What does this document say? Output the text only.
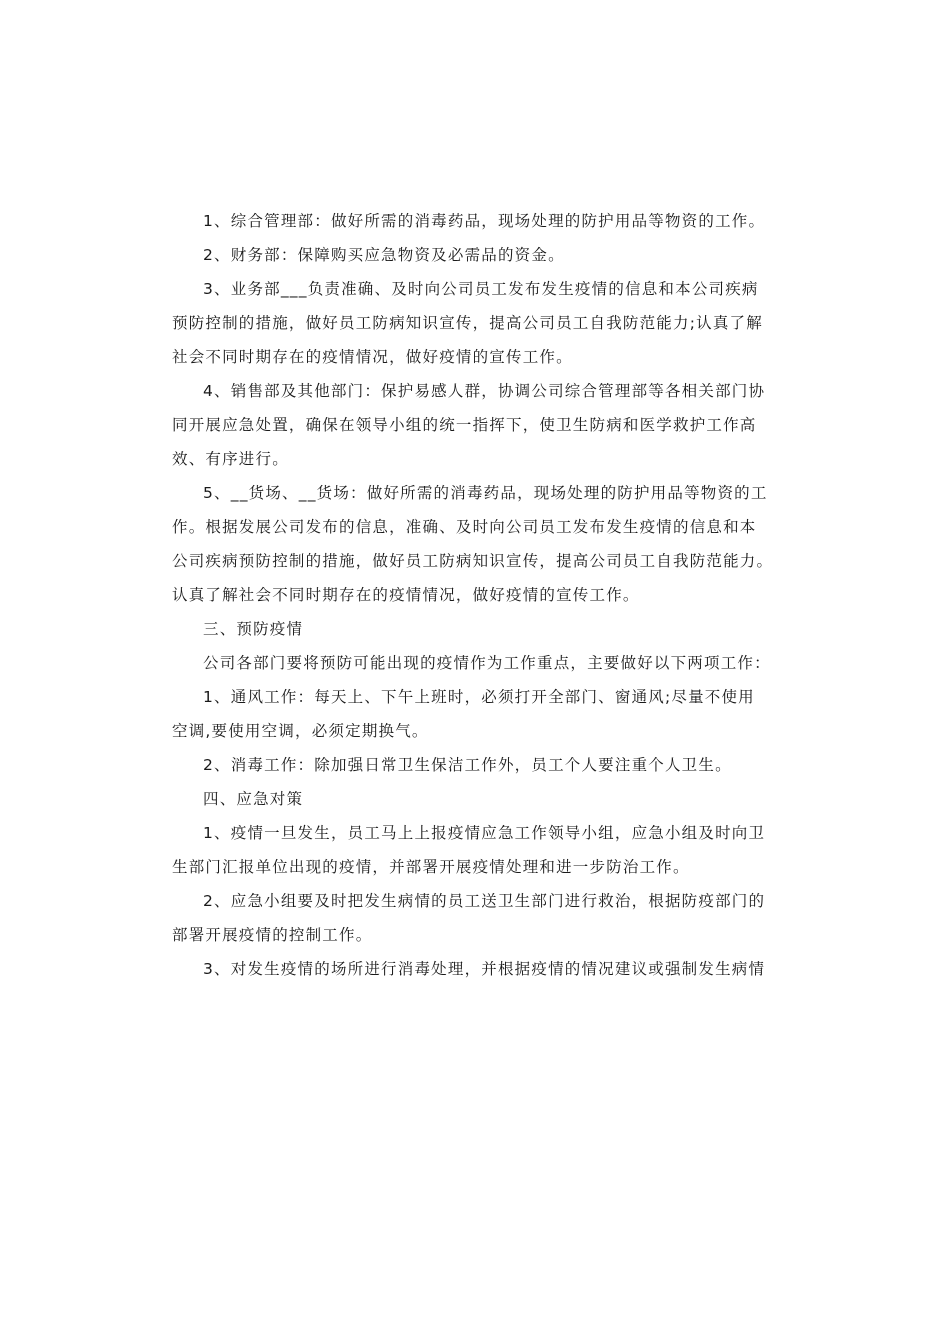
1、综合管理部：做好所需的消毒药品，现场处理的防护用品等物资的工作。
2、财务部：保障购买应急物资及必需品的资金。
3、业务部___负责准确、及时向公司员工发布发生疫情的信息和本公司疾病
预防控制的措施，做好员工防病知识宣传，提高公司员工自我防范能力;认真了解
社会不同时期存在的疫情情况，做好疫情的宣传工作。
4、销售部及其他部门：保护易感人群，协调公司综合管理部等各相关部门协
同开展应急处置，确保在领导小组的统一指挥下，使卫生防病和医学救护工作高
效、有序进行。
5、__货场、__货场：做好所需的消毒药品，现场处理的防护用品等物资的工
作。根据发展公司发布的信息，准确、及时向公司员工发布发生疫情的信息和本
公司疾病预防控制的措施，做好员工防病知识宣传，提高公司员工自我防范能力。
认真了解社会不同时期存在的疫情情况，做好疫情的宣传工作。
三、预防疫情
公司各部门要将预防可能出现的疫情作为工作重点，主要做好以下两项工作：
1、通风工作：每天上、下午上班时，必须打开全部门、窗通风;尽量不使用
空调,要使用空调，必须定期换气。
2、消毒工作：除加强日常卫生保洁工作外，员工个人要注重个人卫生。
四、应急对策
1、疫情一旦发生，员工马上上报疫情应急工作领导小组，应急小组及时向卫
生部门汇报单位出现的疫情，并部署开展疫情处理和进一步防治工作。
2、应急小组要及时把发生病情的员工送卫生部门进行救治，根据防疫部门的
部署开展疫情的控制工作。
3、对发生疫情的场所进行消毒处理，并根据疫情的情况建议或强制发生病情
